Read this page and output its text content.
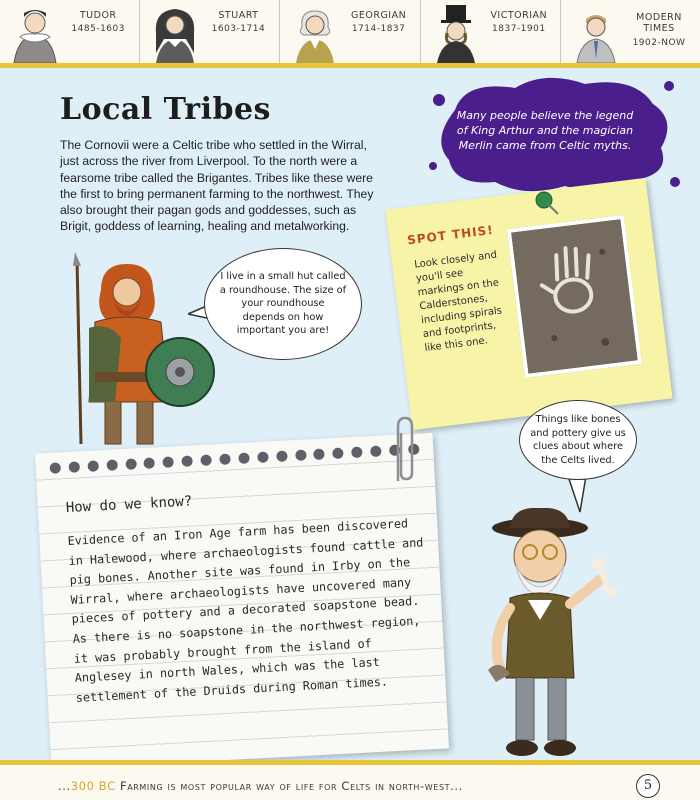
TUDOR
1485-1603
STUART
1603-1714
GEORGIAN
1714-1837
VICTORIAN
1837-1901
MODERN TIMES
1902-NOW
Local Tribes

The Cornovii were a Celtic tribe who settled in the Wirral, just across the river from Liverpool. To the north were a fearsome tribe called the Brigantes. Tribes like these were the first to bring permanent farming to the northwest. They also brought their pagan gods and goddesses, such as Brigit, goddess of learning, healing and metalworking.

Many people believe the legend of King Arthur and the magician Merlin came from Celtic myths.
SPOT THIS!
Look closely and you'll see markings on the Calderstones, including spirals and footprints, like this one.
I live in a small hut called a roundhouse. The size of your roundhouse depends on how important you are!
How do we know?
Evidence of an Iron Age farm has been discovered in Halewood, where archaeologists found cattle and pig bones. Another site was found in Irby on the Wirral, where archaeologists have uncovered many pieces of pottery and a decorated soapstone bead. As there is no soapstone in the northwest region, it was probably brought from the island of Anglesey in north Wales, which was the last settlement of the Druids during Roman times.
Things like bones and pottery give us clues about where the Celts lived.
...300 BC Farming is most popular way of life for Celts in north-west...	5
